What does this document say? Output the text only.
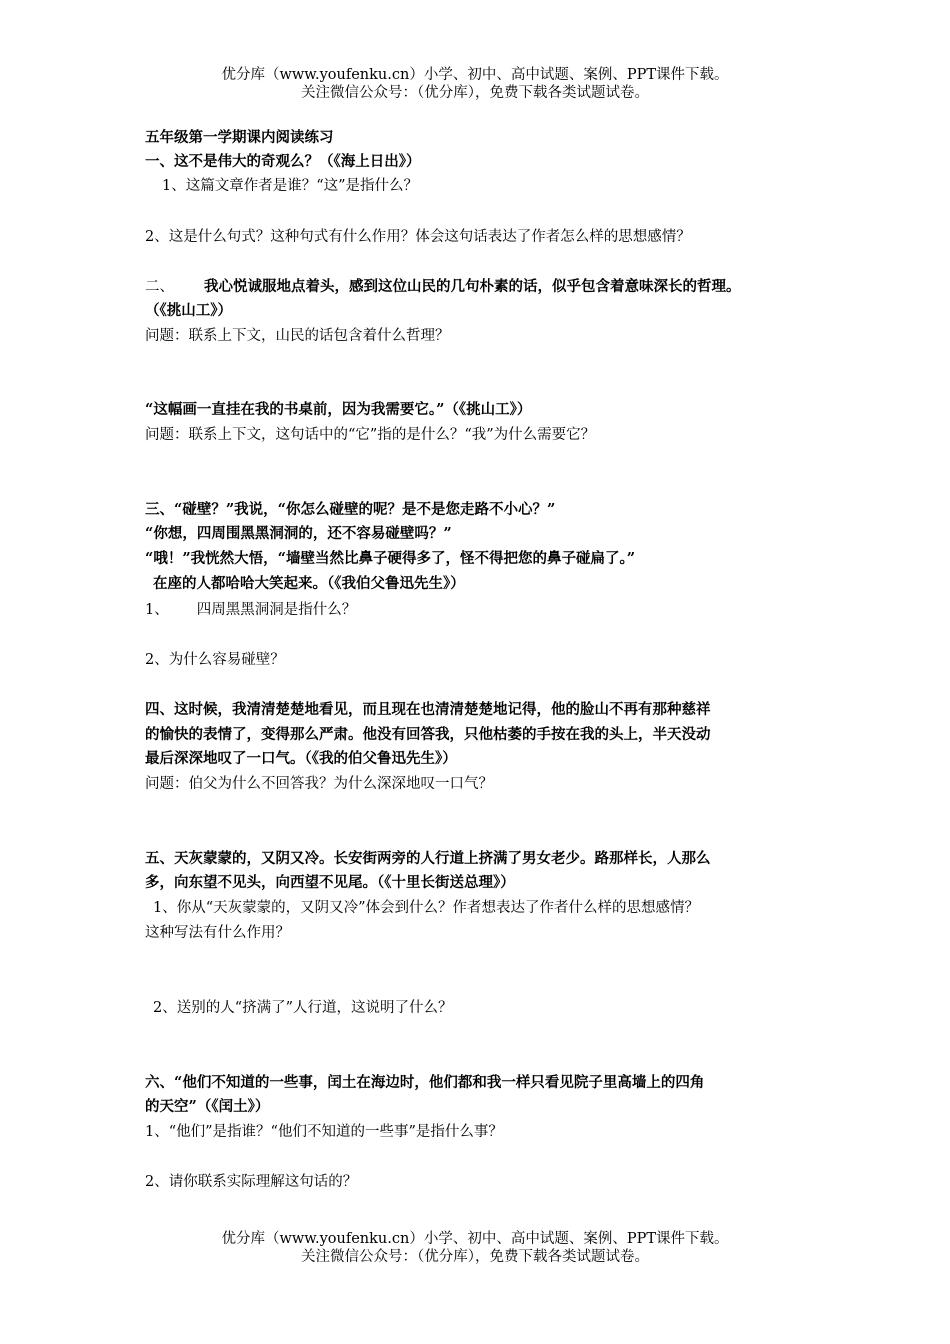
优分库（www.youfenku.cn）小学、初中、高中试题、案例、PPT课件下载。
关注微信公众号：（优分库），免费下载各类试题试卷。
五年级第一学期课内阅读练习
一、这不是伟大的奇观么？（《海上日出》）
1、这篇文章作者是谁？“这”是指什么？
2、这是什么句式？这种句式有什么作用？体会这句话表达了作者怎么样的思想感情？
二、 我心悦诚服地点着头，感到这位山民的几句朴素的话，似乎包含着意味深长的哲理。
（《挑山工》）
问题：联系上下文，山民的话包含着什么哲理？
“这幅画一直挂在我的书桌前，因为我需要它。”（《挑山工》）
问题：联系上下文，这句话中的“它”指的是什么？“我”为什么需要它？
三、“碰壁？”我说，“你怎么碰壁的呢？是不是您走路不小心？”
“你想，四周围黑黑洞洞的，还不容易碰壁吗？”
“哦！”我恍然大悟，“墙壁当然比鼻子硬得多了，怪不得把您的鼻子碰扁了。”
在座的人都哈哈大笑起来。（《我伯父鲁迅先生》）
1、 四周黑黑洞洞是指什么？
2、为什么容易碰壁？
四、这时候，我清清楚楚地看见，而且现在也清清楚楚地记得，他的脸山不再有那种慈祥
的愉快的表情了，变得那么严肃。他没有回答我，只他枯萎的手按在我的头上，半天没动
最后深深地叹了一口气。（《我的伯父鲁迅先生》）
问题：伯父为什么不回答我？为什么深深地叹一口气？
五、天灰蒙蒙的，又阴又冷。长安街两旁的人行道上挤满了男女老少。路那样长，人那么
多，向东望不见头，向西望不见尾。（《十里长街送总理》）
1、你从“天灰蒙蒙的，又阴又冷”体会到什么？作者想表达了作者什么样的思想感情？
这种写法有什么作用？
2、送别的人“挤满了”人行道，这说明了什么？
六、“他们不知道的一些事，闰土在海边时，他们都和我一样只看见院子里高墙上的四角
的天空”（《闰土》）
1、“他们”是指谁？“他们不知道的一些事”是指什么事？
2、请你联系实际理解这句话的？
优分库（www.youfenku.cn）小学、初中、高中试题、案例、PPT课件下载。
关注微信公众号：（优分库），免费下载各类试题试卷。
